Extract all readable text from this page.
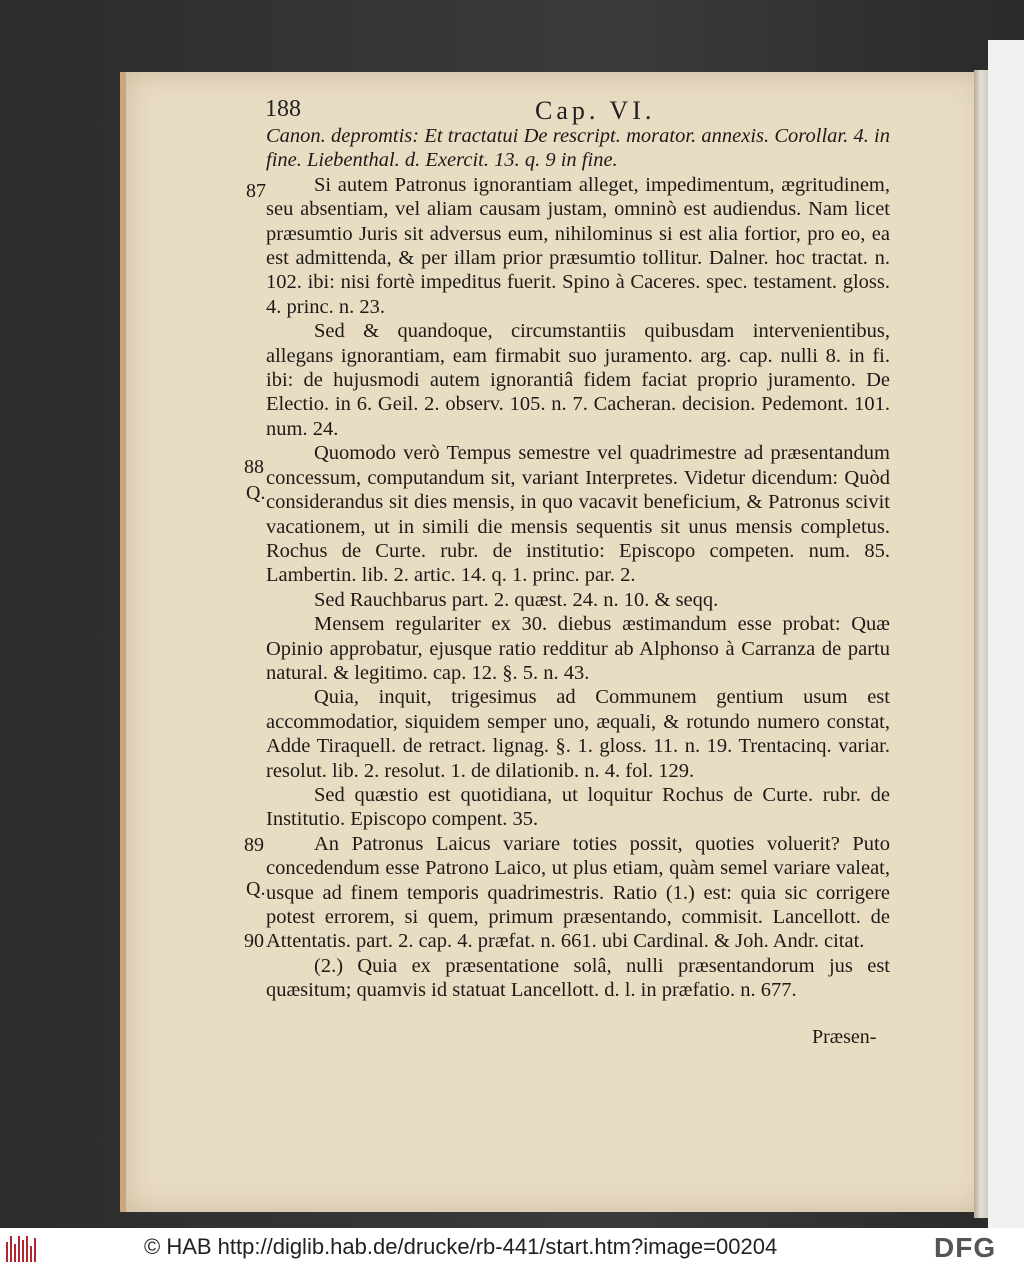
188	Cap. VI.
87
88
Q.
89
Q.
90

Canon. depromtis: Et tractatui De rescript. morator. annexis. Corollar. 4. in fine. Liebenthal. d. Exercit. 13. q. 9 in fine.

Si autem Patronus ignorantiam alleget, impedimentum, ægritudinem, seu absentiam, vel aliam causam justam, omninò est audiendus. Nam licet præsumtio Juris sit adversus eum, nihilominus si est alia fortior, pro eo, ea est admittenda, & per illam prior præsumtio tollitur. Dalner. hoc tractat. n. 102. ibi: nisi fortè impeditus fuerit. Spino à Caceres. spec. testament. gloss. 4. princ. n. 23.

Sed & quandoque, circumstantiis quibusdam intervenientibus, allegans ignorantiam, eam firmabit suo juramento. arg. cap. nulli 8. in fi. ibi: de hujusmodi autem ignorantiâ fidem faciat proprio juramento. De Electio. in 6. Geil. 2. observ. 105. n. 7. Cacheran. decision. Pedemont. 101. num. 24.

Quomodo verò Tempus semestre vel quadrimestre ad præsentandum concessum, computandum sit, variant Interpretes. Videtur dicendum: Quòd considerandus sit dies mensis, in quo vacavit beneficium, & Patronus scivit vacationem, ut in simili die mensis sequentis sit unus mensis completus. Rochus de Curte. rubr. de institutio: Episcopo competen. num. 85. Lambertin. lib. 2. artic. 14. q. 1. princ. par. 2.

Sed Rauchbarus part. 2. quæst. 24. n. 10. & seqq.

Mensem regulariter ex 30. diebus æstimandum esse probat: Quæ Opinio approbatur, ejusque ratio redditur ab Alphonso à Carranza de partu natural. & legitimo. cap. 12. §. 5. n. 43.

Quia, inquit, trigesimus ad Communem gentium usum est accommodatior, siquidem semper uno, æquali, & rotundo numero constat, Adde Tiraquell. de retract. lignag. §. 1. gloss. 11. n. 19. Trentacinq. variar. resolut. lib. 2. resolut. 1. de dilationib. n. 4. fol. 129.

Sed quæstio est quotidiana, ut loquitur Rochus de Curte. rubr. de Institutio. Episcopo compent. 35.

An Patronus Laicus variare toties possit, quoties voluerit? Puto concedendum esse Patrono Laico, ut plus etiam, quàm semel variare valeat, usque ad finem temporis quadrimestris. Ratio (1.) est: quia sic corrigere potest errorem, si quem, primum præsentando, commisit. Lancellott. de Attentatis. part. 2. cap. 4. præfat. n. 661. ubi Cardinal. & Joh. Andr. citat.

(2.) Quia ex præsentatione solâ, nulli præsentandorum jus est quæsitum; quamvis id statuat Lancellott. d. l. in præfatio. n. 677.

Præsen-
© HAB http://diglib.hab.de/drucke/rb-441/start.htm?image=00204	DFG
